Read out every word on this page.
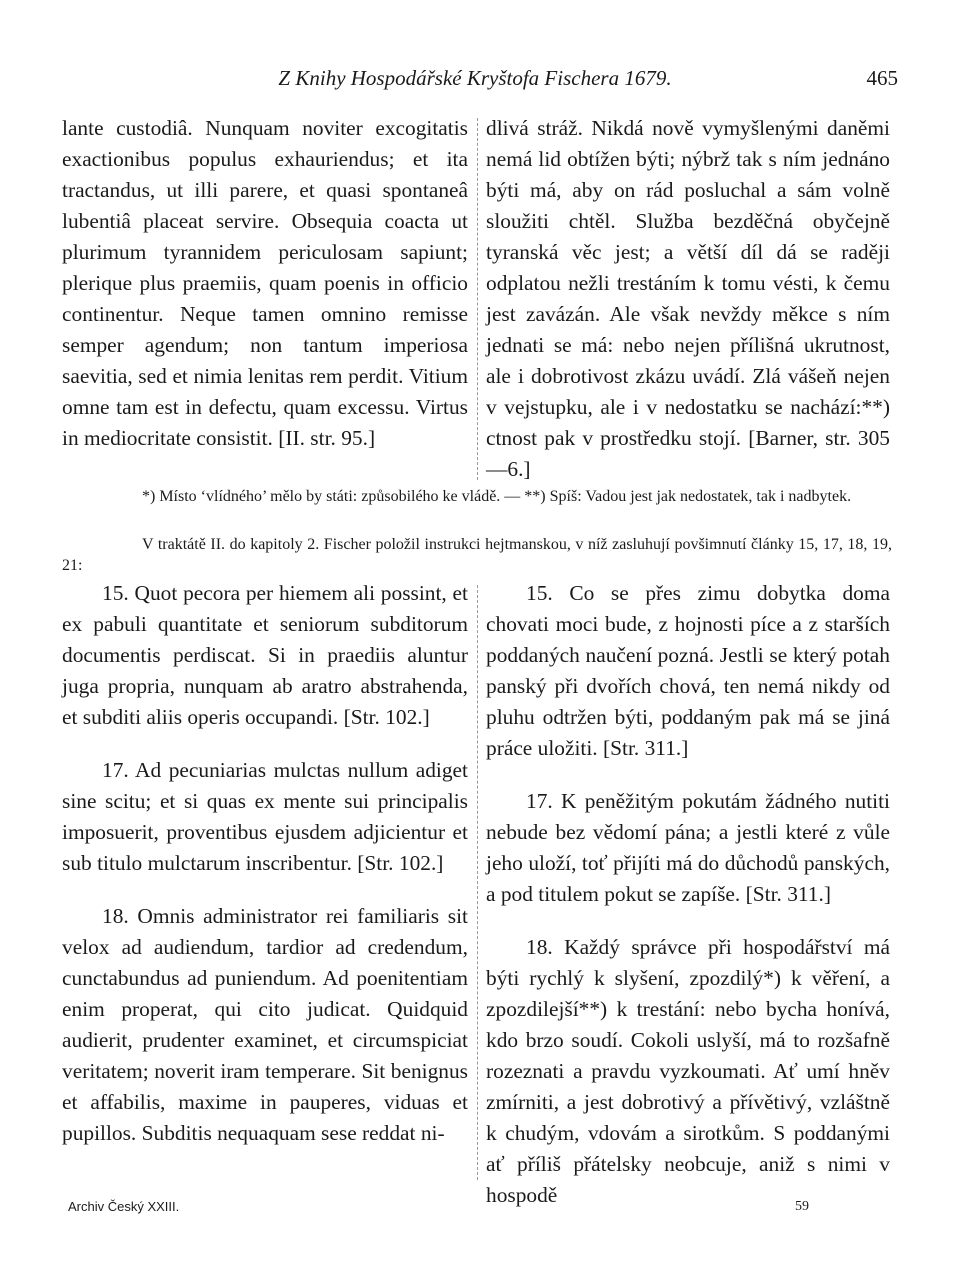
Z Knihy Hospodářské Kryštofa Fischera 1679.	465

lante custodiâ. Nunquam noviter excogitatis exactionibus populus exhauriendus; et ita tractandus, ut illi parere, et quasi spontaneâ lubentiâ placeat servire. Obsequia coacta ut plurimum tyrannidem periculosam sapiunt; plerique plus praemiis, quam poenis in officio continentur. Neque tamen omnino remisse semper agendum; non tantum imperiosa saevitia, sed et nimia lenitas rem perdit. Vitium omne tam est in defectu, quam excessu. Virtus in mediocritate consistit. [II. str. 95.]

dlivá stráž. Nikdá nově vymyšlenými daněmi nemá lid obtížen býti; nýbrž tak s ním jednáno býti má, aby on rád posluchal a sám volně sloužiti chtěl. Služba bezděčná obyčejně tyranská věc jest; a větší díl dá se raději odplatou nežli trestáním k tomu vésti, k čemu jest zavázán. Ale však nevždy měkce s ním jednati se má: nebo nejen přílišná ukrutnost, ale i dobrotivost zkázu uvádí. Zlá vášeň nejen v vejstupku, ale i v nedostatku se nachází:**) ctnost pak v prostředku stojí. [Barner, str. 305—6.]

*) Místo ‘vlídného’ mělo by státi: způsobilého ke vládě. — **) Spíš: Vadou jest jak nedostatek, tak i nadbytek.
V traktátě II. do kapitoly 2. Fischer položil instrukci hejtmanskou, v níž zasluhují povšimnutí články 15, 17, 18, 19, 21:

15. Quot pecora per hiemem ali possint, et ex pabuli quantitate et seniorum subditorum documentis perdiscat. Si in praediis aluntur juga propria, nunquam ab aratro abstrahenda, et subditi aliis operis occupandi. [Str. 102.]

17. Ad pecuniarias mulctas nullum adiget sine scitu; et si quas ex mente sui principalis imposuerit, proventibus ejusdem adjicientur et sub titulo mulctarum inscribentur. [Str. 102.]

18. Omnis administrator rei familiaris sit velox ad audiendum, tardior ad credendum, cunctabundus ad puniendum. Ad poenitentiam enim properat, qui cito judicat. Quidquid audierit, prudenter examinet, et circumspiciat veritatem; noverit iram temperare. Sit benignus et affabilis, maxime in pauperes, viduas et pupillos. Subditis nequaquam sese reddat ni-

15. Co se přes zimu dobytka doma chovati moci bude, z hojnosti píce a z starších poddaných naučení pozná. Jestli se který potah panský při dvořích chová, ten nemá nikdy od pluhu odtržen býti, poddaným pak má se jiná práce uložiti. [Str. 311.]

17. K peněžitým pokutám žádného nutiti nebude bez vědomí pána; a jestli které z vůle jeho uloží, toť přijíti má do důchodů panských, a pod titulem pokut se zapíše. [Str. 311.]

18. Každý správce při hospodářství má býti rychlý k slyšení, zpozdilý*) k věření, a zpozdilejší**) k trestání: nebo bycha honívá, kdo brzo soudí. Cokoli uslyší, má to rozšafně rozeznati a pravdu vyzkoumati. Ať umí hněv zmírniti, a jest dobrotivý a přívětivý, vzláštně k chudým, vdovám a sirotkům. S poddanými ať příliš přátelsky neobcuje, aniž s nimi v hospodě

Archiv Český XXIII.	59
